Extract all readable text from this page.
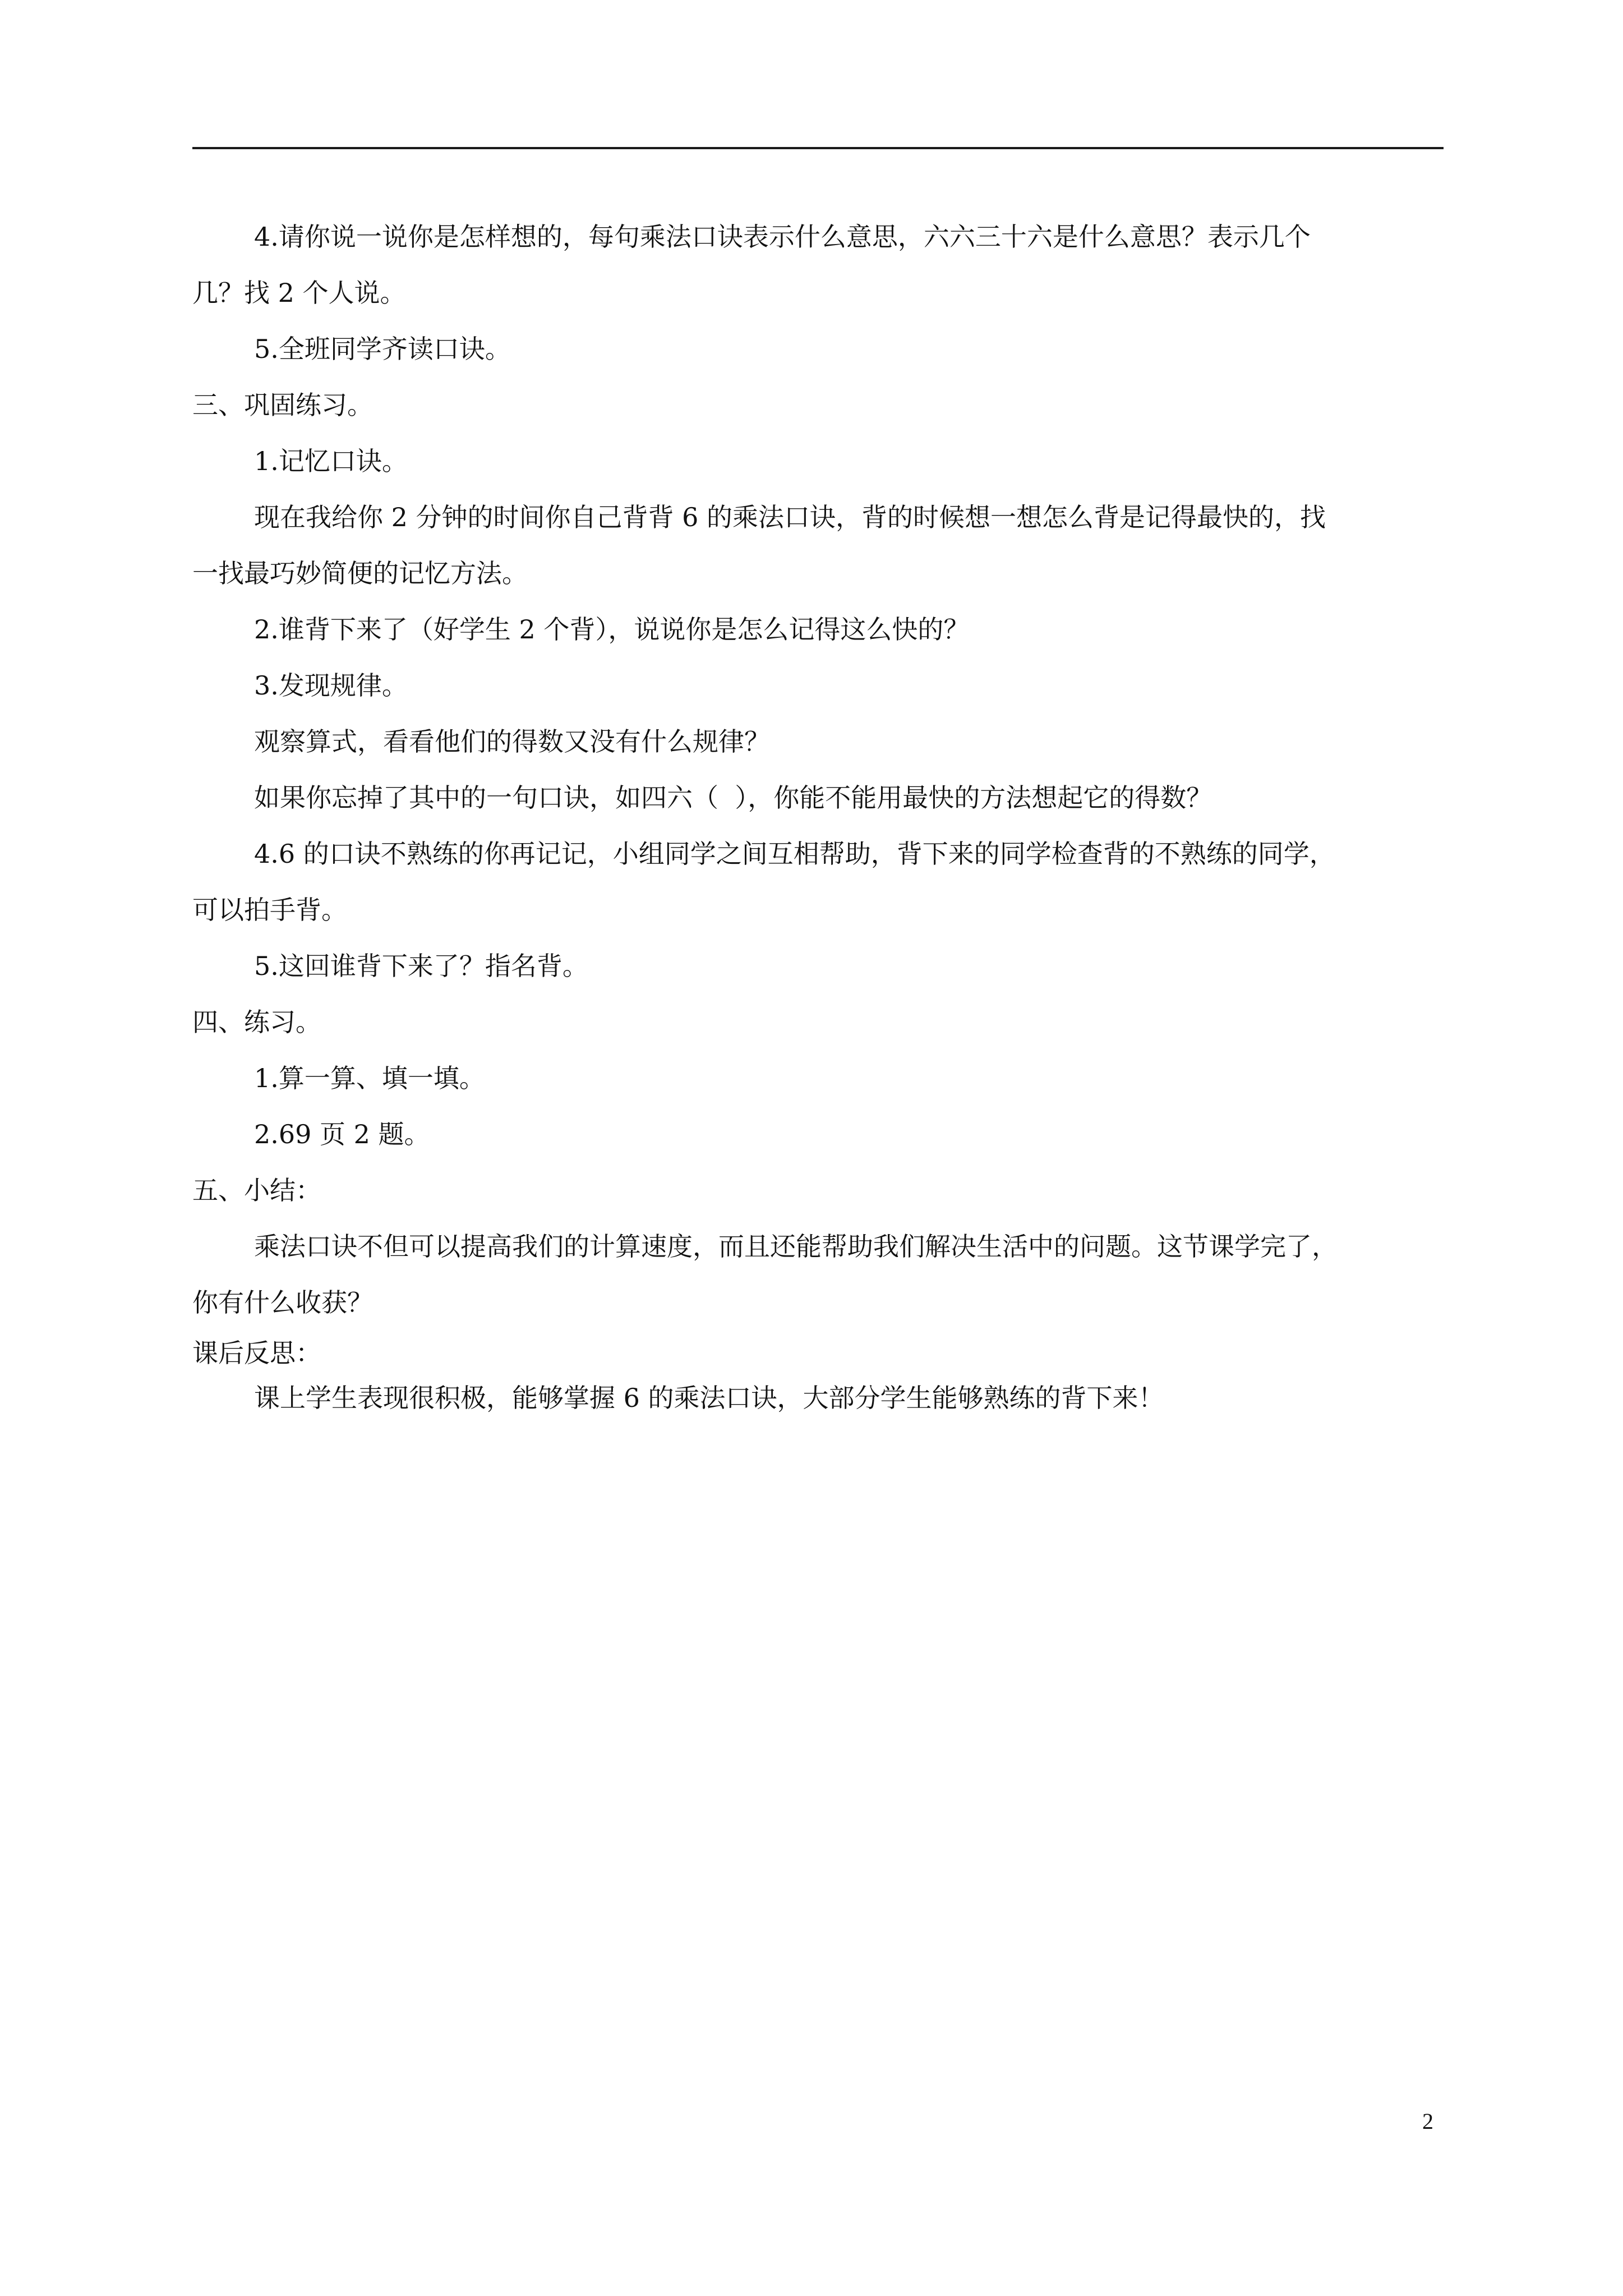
4.请你说一说你是怎样想的，每句乘法口诀表示什么意思，六六三十六是什么意思？表示几个

几？找 2 个人说。

5.全班同学齐读口诀。

三、巩固练习。

1.记忆口诀。

现在我给你 2 分钟的时间你自己背背 6 的乘法口诀，背的时候想一想怎么背是记得最快的，找

一找最巧妙简便的记忆方法。

2.谁背下来了（好学生 2 个背），说说你是怎么记得这么快的？

3.发现规律。

观察算式，看看他们的得数又没有什么规律？

如果你忘掉了其中的一句口诀，如四六（  ），你能不能用最快的方法想起它的得数？

4.6 的口诀不熟练的你再记记，小组同学之间互相帮助，背下来的同学检查背的不熟练的同学，

可以拍手背。

5.这回谁背下来了？指名背。

四、练习。

1.算一算、填一填。

2.69 页 2 题。

五、小结：

乘法口诀不但可以提高我们的计算速度，而且还能帮助我们解决生活中的问题。这节课学完了，

你有什么收获？

课后反思：

课上学生表现很积极，能够掌握 6 的乘法口诀，大部分学生能够熟练的背下来！

2
